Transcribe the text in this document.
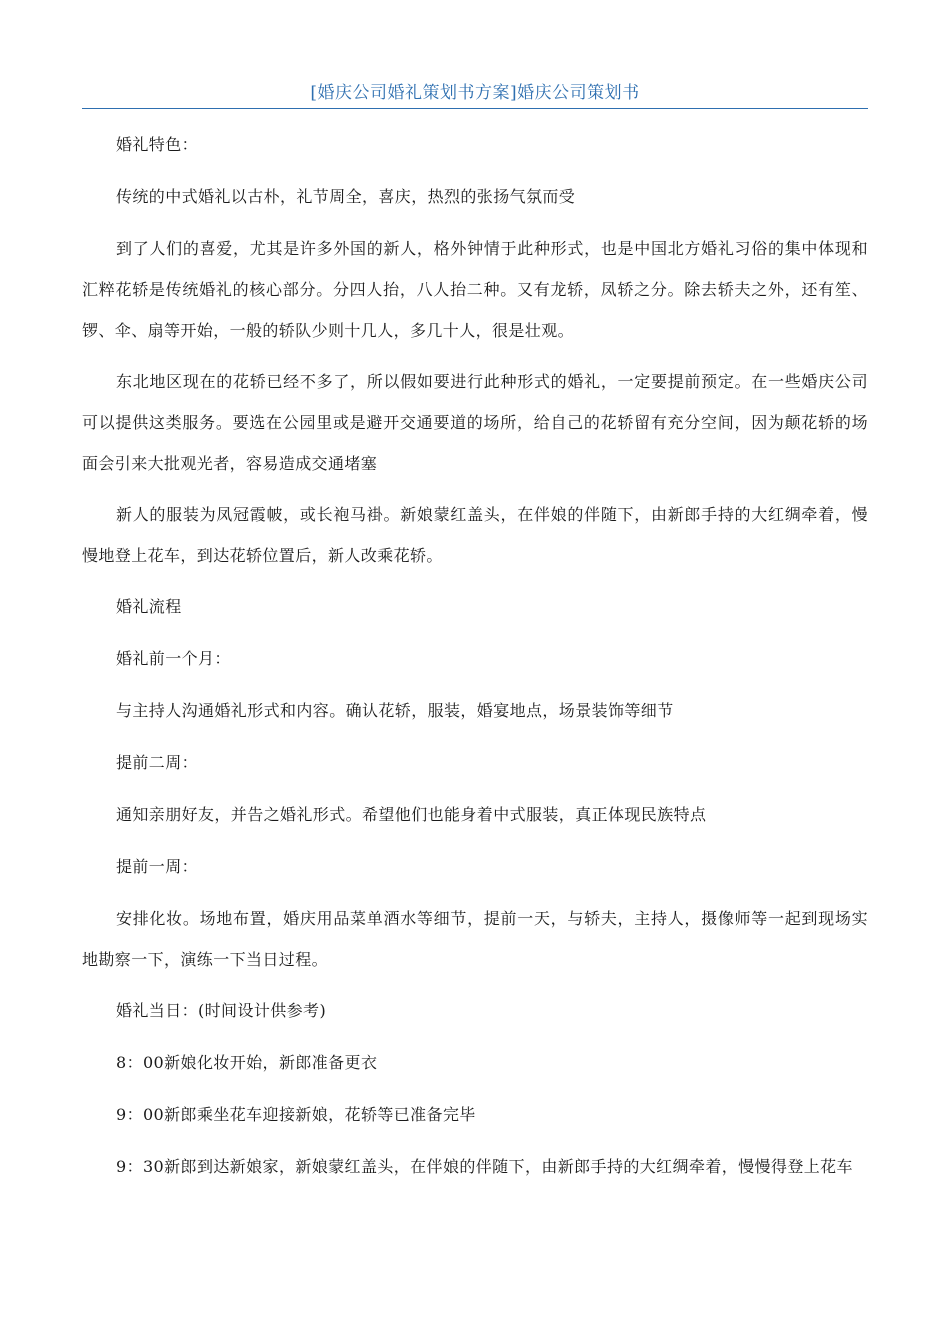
[婚庆公司婚礼策划书方案]婚庆公司策划书

婚礼特色：

传统的中式婚礼以古朴，礼节周全，喜庆，热烈的张扬气氛而受

到了人们的喜爱，尤其是许多外国的新人，格外钟情于此种形式，也是中国北方婚礼习俗的集中体现和汇粹花轿是传统婚礼的核心部分。分四人抬，八人抬二种。又有龙轿，凤轿之分。除去轿夫之外，还有笙、锣、伞、扇等开始，一般的轿队少则十几人，多几十人，很是壮观。

东北地区现在的花轿已经不多了，所以假如要进行此种形式的婚礼，一定要提前预定。在一些婚庆公司可以提供这类服务。要选在公园里或是避开交通要道的场所，给自己的花轿留有充分空间，因为颠花轿的场面会引来大批观光者，容易造成交通堵塞

新人的服装为凤冠霞帔，或长袍马褂。新娘蒙红盖头，在伴娘的伴随下，由新郎手持的大红绸牵着，慢慢地登上花车，到达花轿位置后，新人改乘花轿。

婚礼流程

婚礼前一个月：

与主持人沟通婚礼形式和内容。确认花轿，服装，婚宴地点，场景装饰等细节

提前二周：

通知亲朋好友，并告之婚礼形式。希望他们也能身着中式服装，真正体现民族特点

提前一周：

安排化妆。场地布置，婚庆用品菜单酒水等细节，提前一天，与轿夫，主持人，摄像师等一起到现场实地勘察一下，演练一下当日过程。

婚礼当日：(时间设计供参考)

8：00新娘化妆开始，新郎准备更衣

9：00新郎乘坐花车迎接新娘，花轿等已准备完毕

9：30新郎到达新娘家，新娘蒙红盖头，在伴娘的伴随下，由新郎手持的大红绸牵着，慢慢得登上花车
